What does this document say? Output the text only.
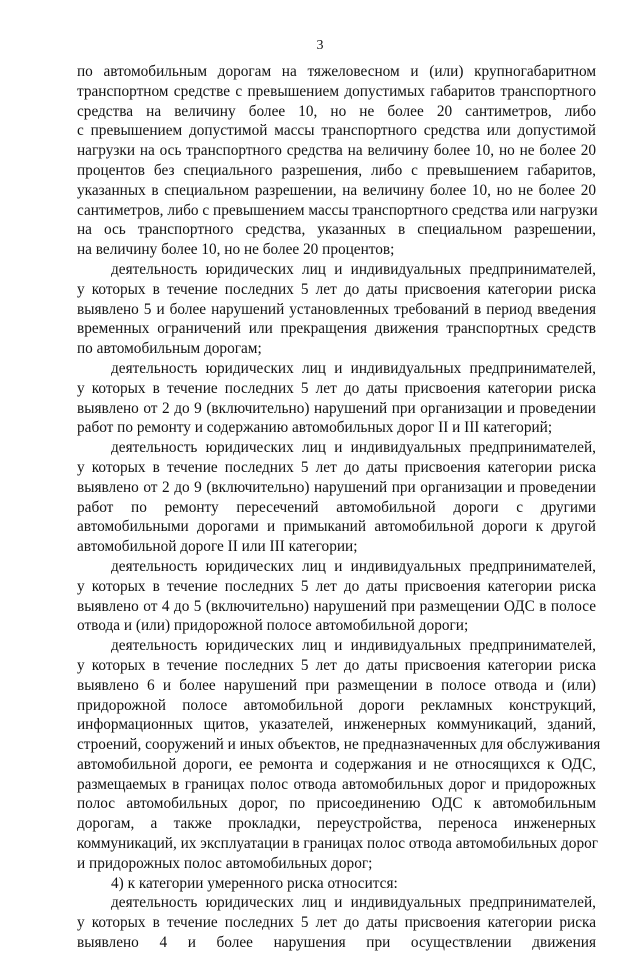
3
по автомобильным дорогам на тяжеловесном и (или) крупногабаритном
транспортном средстве с превышением допустимых габаритов транспортного
средства на величину более 10, но не более 20 сантиметров, либо
с превышением допустимой массы транспортного средства или допустимой
нагрузки на ось транспортного средства на величину более 10, но не более 20
процентов без специального разрешения, либо с превышением габаритов,
указанных в специальном разрешении, на величину более 10, но не более 20
сантиметров, либо с превышением массы транспортного средства или нагрузки
на ось транспортного средства, указанных в специальном разрешении,
на величину более 10, но не более 20 процентов;
деятельность юридических лиц и индивидуальных предпринимателей,
у которых в течение последних 5 лет до даты присвоения категории риска
выявлено 5 и более нарушений установленных требований в период введения
временных ограничений или прекращения движения транспортных средств
по автомобильным дорогам;
деятельность юридических лиц и индивидуальных предпринимателей,
у которых в течение последних 5 лет до даты присвоения категории риска
выявлено от 2 до 9 (включительно) нарушений при организации и проведении
работ по ремонту и содержанию автомобильных дорог II и III категорий;
деятельность юридических лиц и индивидуальных предпринимателей,
у которых в течение последних 5 лет до даты присвоения категории риска
выявлено от 2 до 9 (включительно) нарушений при организации и проведении
работ по ремонту пересечений автомобильной дороги с другими
автомобильными дорогами и примыканий автомобильной дороги к другой
автомобильной дороге II или III категории;
деятельность юридических лиц и индивидуальных предпринимателей,
у которых в течение последних 5 лет до даты присвоения категории риска
выявлено от 4 до 5 (включительно) нарушений при размещении ОДС в полосе
отвода и (или) придорожной полосе автомобильной дороги;
деятельность юридических лиц и индивидуальных предпринимателей,
у которых в течение последних 5 лет до даты присвоения категории риска
выявлено 6 и более нарушений при размещении в полосе отвода и (или)
придорожной полосе автомобильной дороги рекламных конструкций,
информационных щитов, указателей, инженерных коммуникаций, зданий,
строений, сооружений и иных объектов, не предназначенных для обслуживания
автомобильной дороги, ее ремонта и содержания и не относящихся к ОДС,
размещаемых в границах полос отвода автомобильных дорог и придорожных
полос автомобильных дорог, по присоединению ОДС к автомобильным
дорогам, а также прокладки, переустройства, переноса инженерных
коммуникаций, их эксплуатации в границах полос отвода автомобильных дорог
и придорожных полос автомобильных дорог;
4) к категории умеренного риска относится:
деятельность юридических лиц и индивидуальных предпринимателей,
у которых в течение последних 5 лет до даты присвоения категории риска
выявлено 4 и более нарушения при осуществлении движения
